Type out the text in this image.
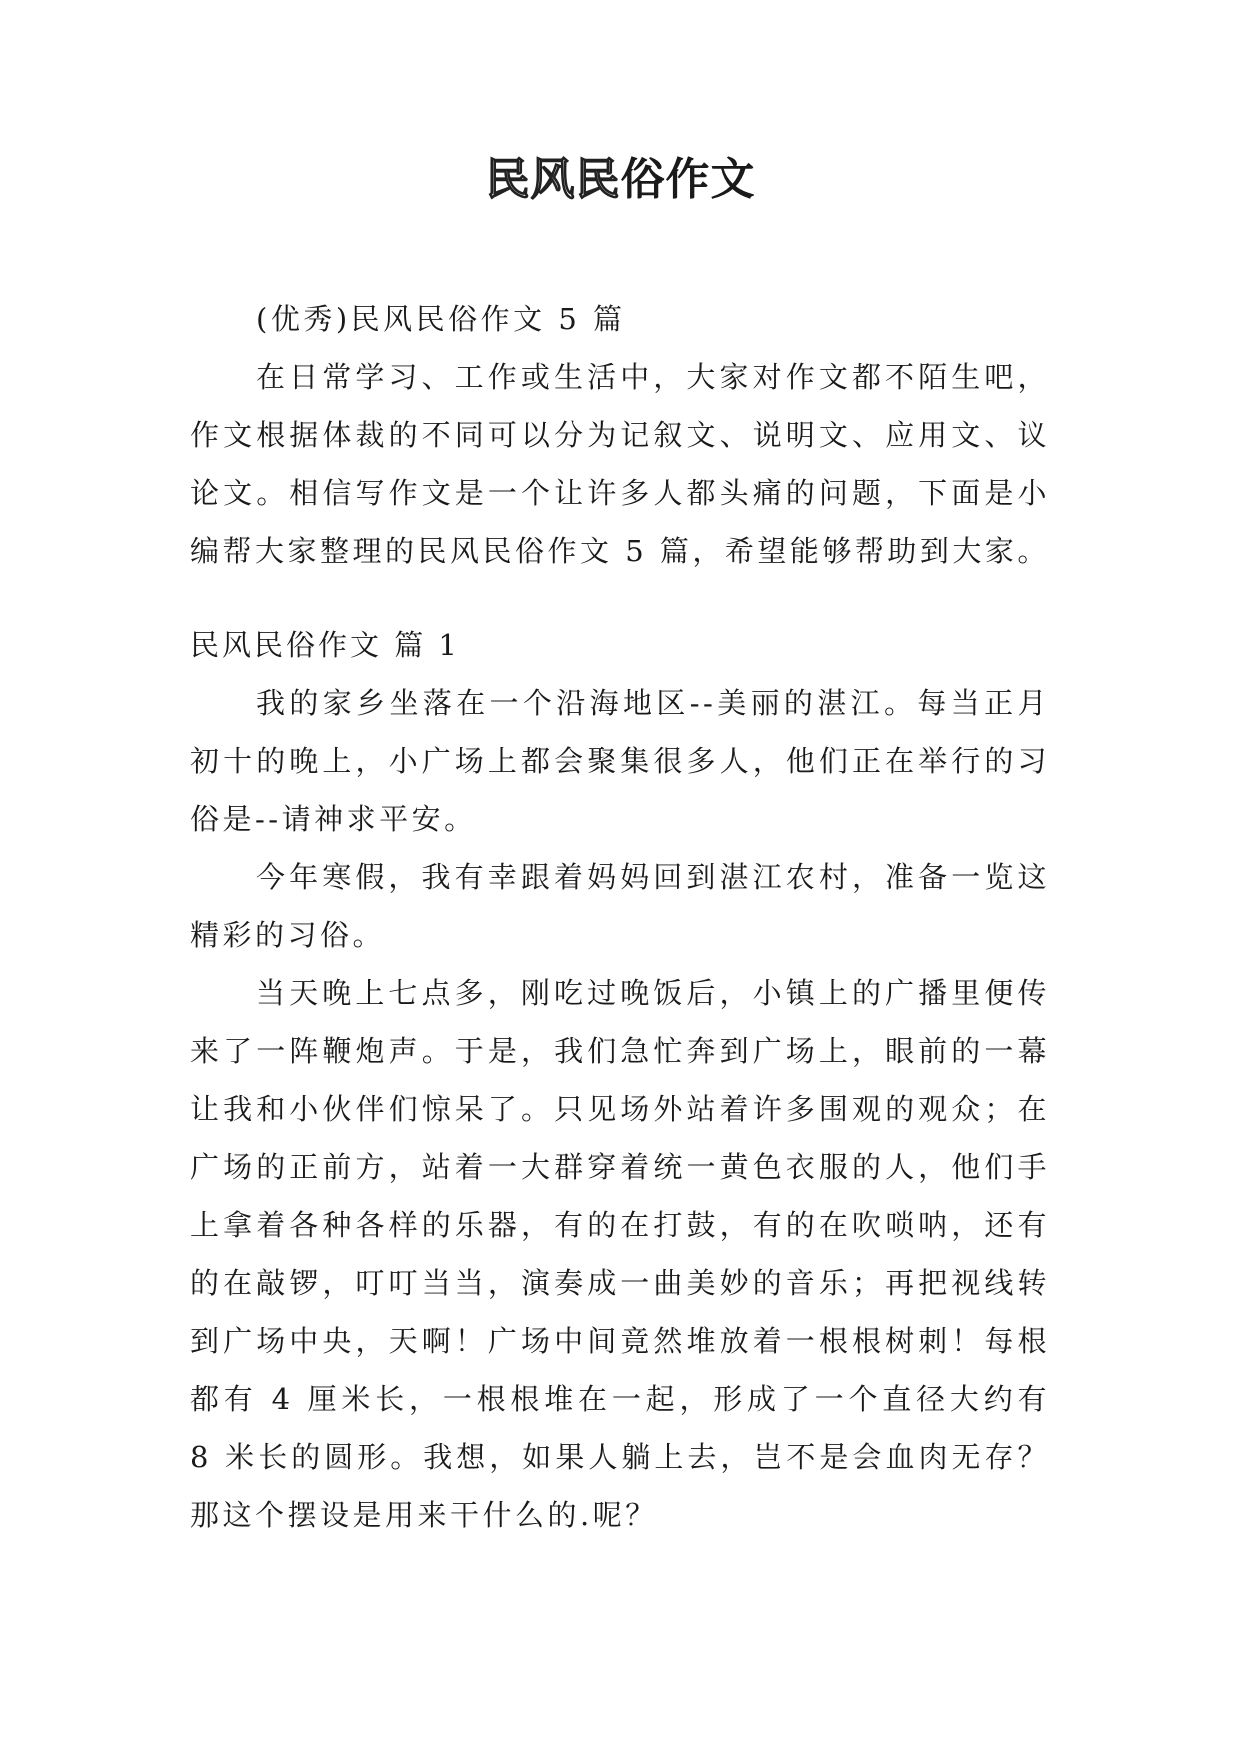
民风民俗作文

(优秀)民风民俗作文 5 篇

在日常学习、工作或生活中，大家对作文都不陌生吧，作文根据体裁的不同可以分为记叙文、说明文、应用文、议论文。相信写作文是一个让许多人都头痛的问题，下面是小编帮大家整理的民风民俗作文 5 篇，希望能够帮助到大家。

民风民俗作文 篇 1

我的家乡坐落在一个沿海地区--美丽的湛江。每当正月初十的晚上，小广场上都会聚集很多人，他们正在举行的习俗是--请神求平安。

今年寒假，我有幸跟着妈妈回到湛江农村，准备一览这精彩的习俗。

当天晚上七点多，刚吃过晚饭后，小镇上的广播里便传来了一阵鞭炮声。于是，我们急忙奔到广场上，眼前的一幕让我和小伙伴们惊呆了。只见场外站着许多围观的观众；在广场的正前方，站着一大群穿着统一黄色衣服的人，他们手上拿着各种各样的乐器，有的在打鼓，有的在吹唢呐，还有的在敲锣，叮叮当当，演奏成一曲美妙的音乐；再把视线转到广场中央，天啊！广场中间竟然堆放着一根根树刺！每根都有 4 厘米长，一根根堆在一起，形成了一个直径大约有 8 米长的圆形。我想，如果人躺上去，岂不是会血肉无存？那这个摆设是用来干什么的.呢？
